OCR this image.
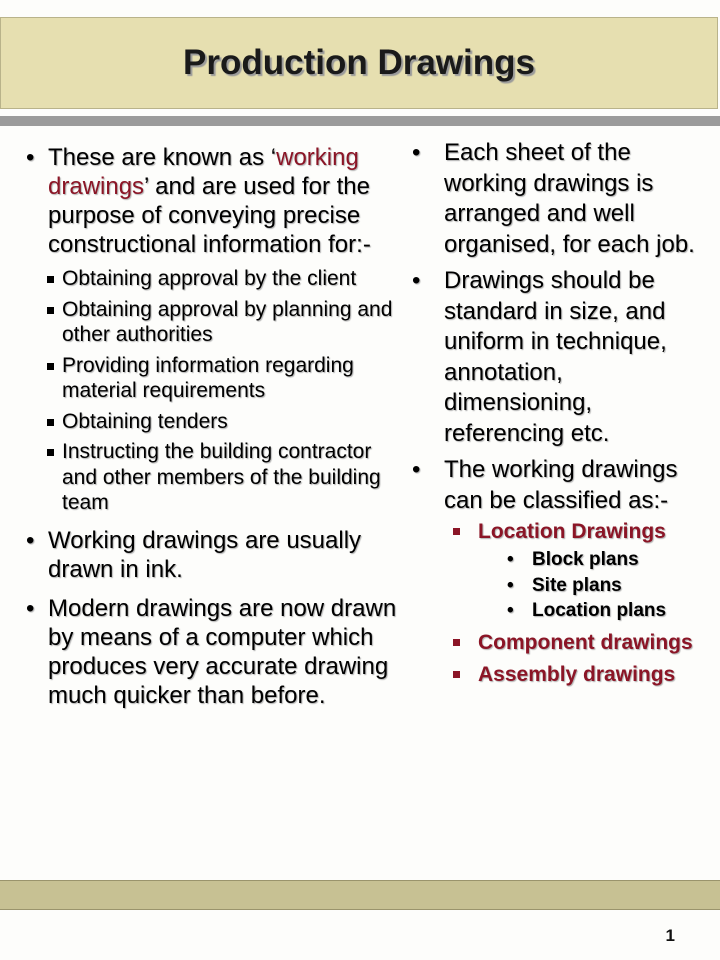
Production Drawings
• These are known as ‘working drawings’ and are used for the purpose of conveying precise constructional information for:-
Obtaining approval by the client
Obtaining approval by planning and other authorities
Providing information regarding material requirements
Obtaining tenders
Instructing the building contractor and other members of the building team
• Working drawings are usually drawn in ink.
• Modern drawings are now drawn by means of a computer which produces very accurate drawing much quicker than before.
• Each sheet of the working drawings is arranged and well organised, for each job.
• Drawings should be standard in size, and uniform in technique, annotation, dimensioning, referencing etc.
• The working drawings can be classified as:-
Location Drawings
• Block plans
• Site plans
• Location plans
Component drawings
Assembly drawings
1
